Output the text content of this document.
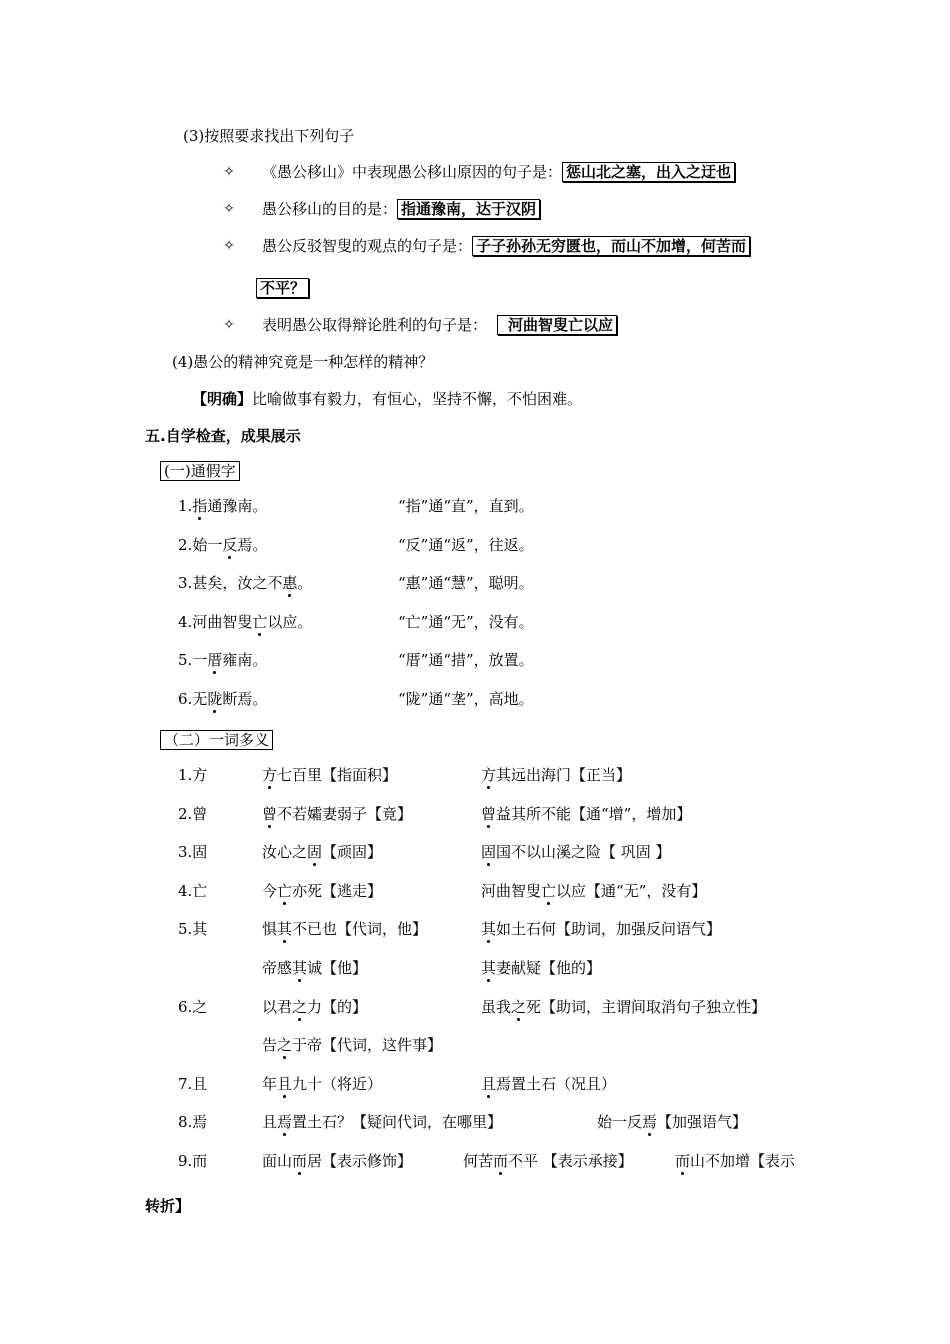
(3)按照要求找出下列句子
✧ 《愚公移山》中表现愚公移山原因的句子是： 惩山北之塞，出入之迂也
✧ 愚公移山的目的是： 指通豫南，达于汉阴
✧ 愚公反驳智叟的观点的句子是： 子子孙孙无穷匮也，而山不加增，何苦而
不平？
✧ 表明愚公取得辩论胜利的句子是： 河曲智叟亡以应
(4)愚公的精神究竟是一种怎样的精神？
【明确】比喻做事有毅力，有恒心，坚持不懈，不怕困难。
五.自学检查，成果展示
(一)通假字
1.指通豫南。	“指”通“直”，直到。
2.始一反焉。	“反”通“返”，往返。
3.甚矣，汝之不惠。	“惠”通“慧”，聪明。
4.河曲智叟亡以应。	“亡”通“无”，没有。
5.一厝雍南。	“厝”通“措”，放置。
6.无陇断焉。	“陇”通“垄”，高地。
（二）一词多义
1.方	方七百里【指面积】	方其远出海门【正当】
2.曾	曾不若孀妻弱子【竟】	曾益其所不能【通“增”，增加】
3.固	汝心之固【顽固】	固国不以山溪之险【 巩固 】
4.亡	今亡亦死【逃走】	河曲智叟亡以应【通“无”，没有】
5.其	惧其不已也【代词，他】	其如土石何【助词，加强反问语气】
帝感其诚【他】	其妻献疑【他的】
6.之	以君之力【的】	虽我之死【助词，主谓间取消句子独立性】
告之于帝【代词，这件事】
7.且	年且九十（将近）	且焉置土石（况且）
8.焉	且焉置土石？【疑问代词，在哪里】	始一反焉【加强语气】
9.而	面山而居【表示修饰】	何苦而不平 【表示承接】	而山不加增【表示
转折】
